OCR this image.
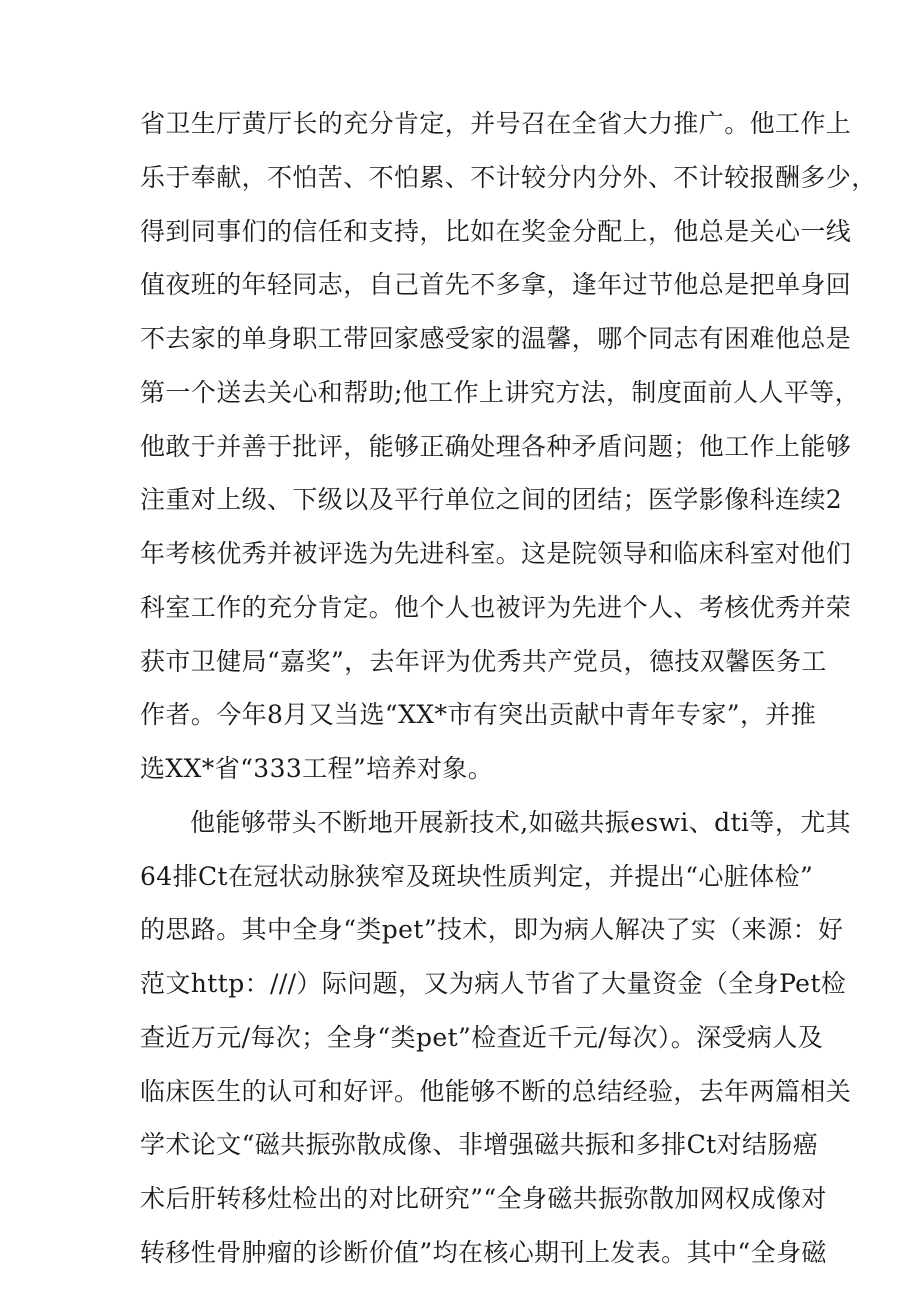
省卫生厅黄厅长的充分肯定，并号召在全省大力推广。他工作上
乐于奉献，不怕苦、不怕累、不计较分内分外、不计较报酬多少，
得到同事们的信任和支持，比如在奖金分配上，他总是关心一线
值夜班的年轻同志，自己首先不多拿，逢年过节他总是把单身回
不去家的单身职工带回家感受家的温馨，哪个同志有困难他总是
第一个送去关心和帮助;他工作上讲究方法，制度面前人人平等，
他敢于并善于批评，能够正确处理各种矛盾问题；他工作上能够
注重对上级、下级以及平行单位之间的团结；医学影像科连续2
年考核优秀并被评选为先进科室。这是院领导和临床科室对他们
科室工作的充分肯定。他个人也被评为先进个人、考核优秀并荣
获市卫健局“嘉奖”，去年评为优秀共产党员，德技双馨医务工
作者。今年8月又当选“XX*市有突出贡献中青年专家”，并推
选XX*省“333工程”培养对象。
他能够带头不断地开展新技术,如磁共振eswi、dti等，尤其
64排Ct在冠状动脉狭窄及斑块性质判定，并提出“心脏体检”
的思路。其中全身“类pet”技术，即为病人解决了实（来源：好
范文http：///）际问题，又为病人节省了大量资金（全身Pet检
查近万元/每次；全身“类pet”检查近千元/每次）。深受病人及
临床医生的认可和好评。他能够不断的总结经验，去年两篇相关
学术论文“磁共振弥散成像、非增强磁共振和多排Ct对结肠癌
术后肝转移灶检出的对比研究”“全身磁共振弥散加网权成像对
转移性骨肿瘤的诊断价值”均在核心期刊上发表。其中“全身磁
